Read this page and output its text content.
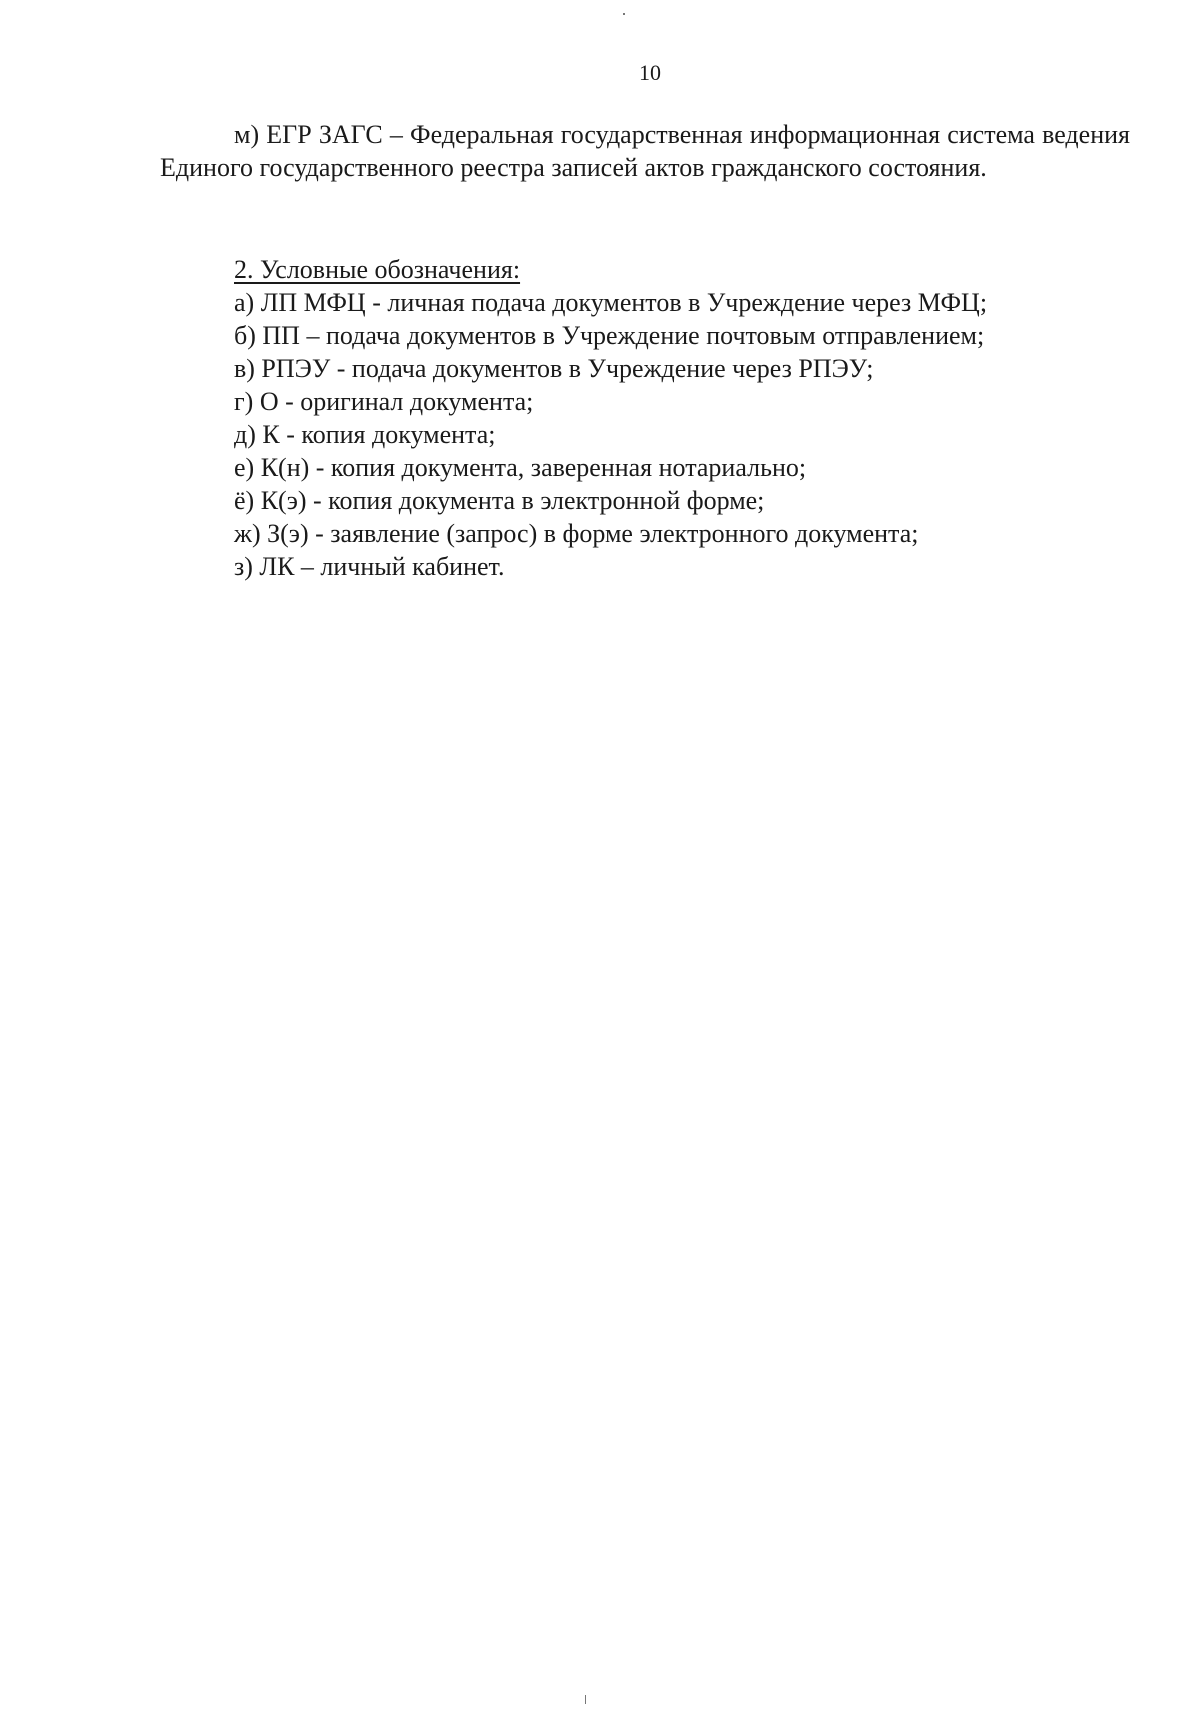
10

м) ЕГР ЗАГС – Федеральная государственная информационная система ведения Единого государственного реестра записей актов гражданского состояния.

2. Условные обозначения:
а) ЛП МФЦ - личная подача документов в Учреждение через МФЦ;
б) ПП – подача документов в Учреждение почтовым отправлением;
в) РПЭУ - подача документов в Учреждение через РПЭУ;
г) О - оригинал документа;
д) К - копия документа;
е) К(н) - копия документа, заверенная нотариально;
ё) К(э) - копия документа в электронной форме;
ж) З(э) - заявление (запрос) в форме электронного документа;
з) ЛК – личный кабинет.
